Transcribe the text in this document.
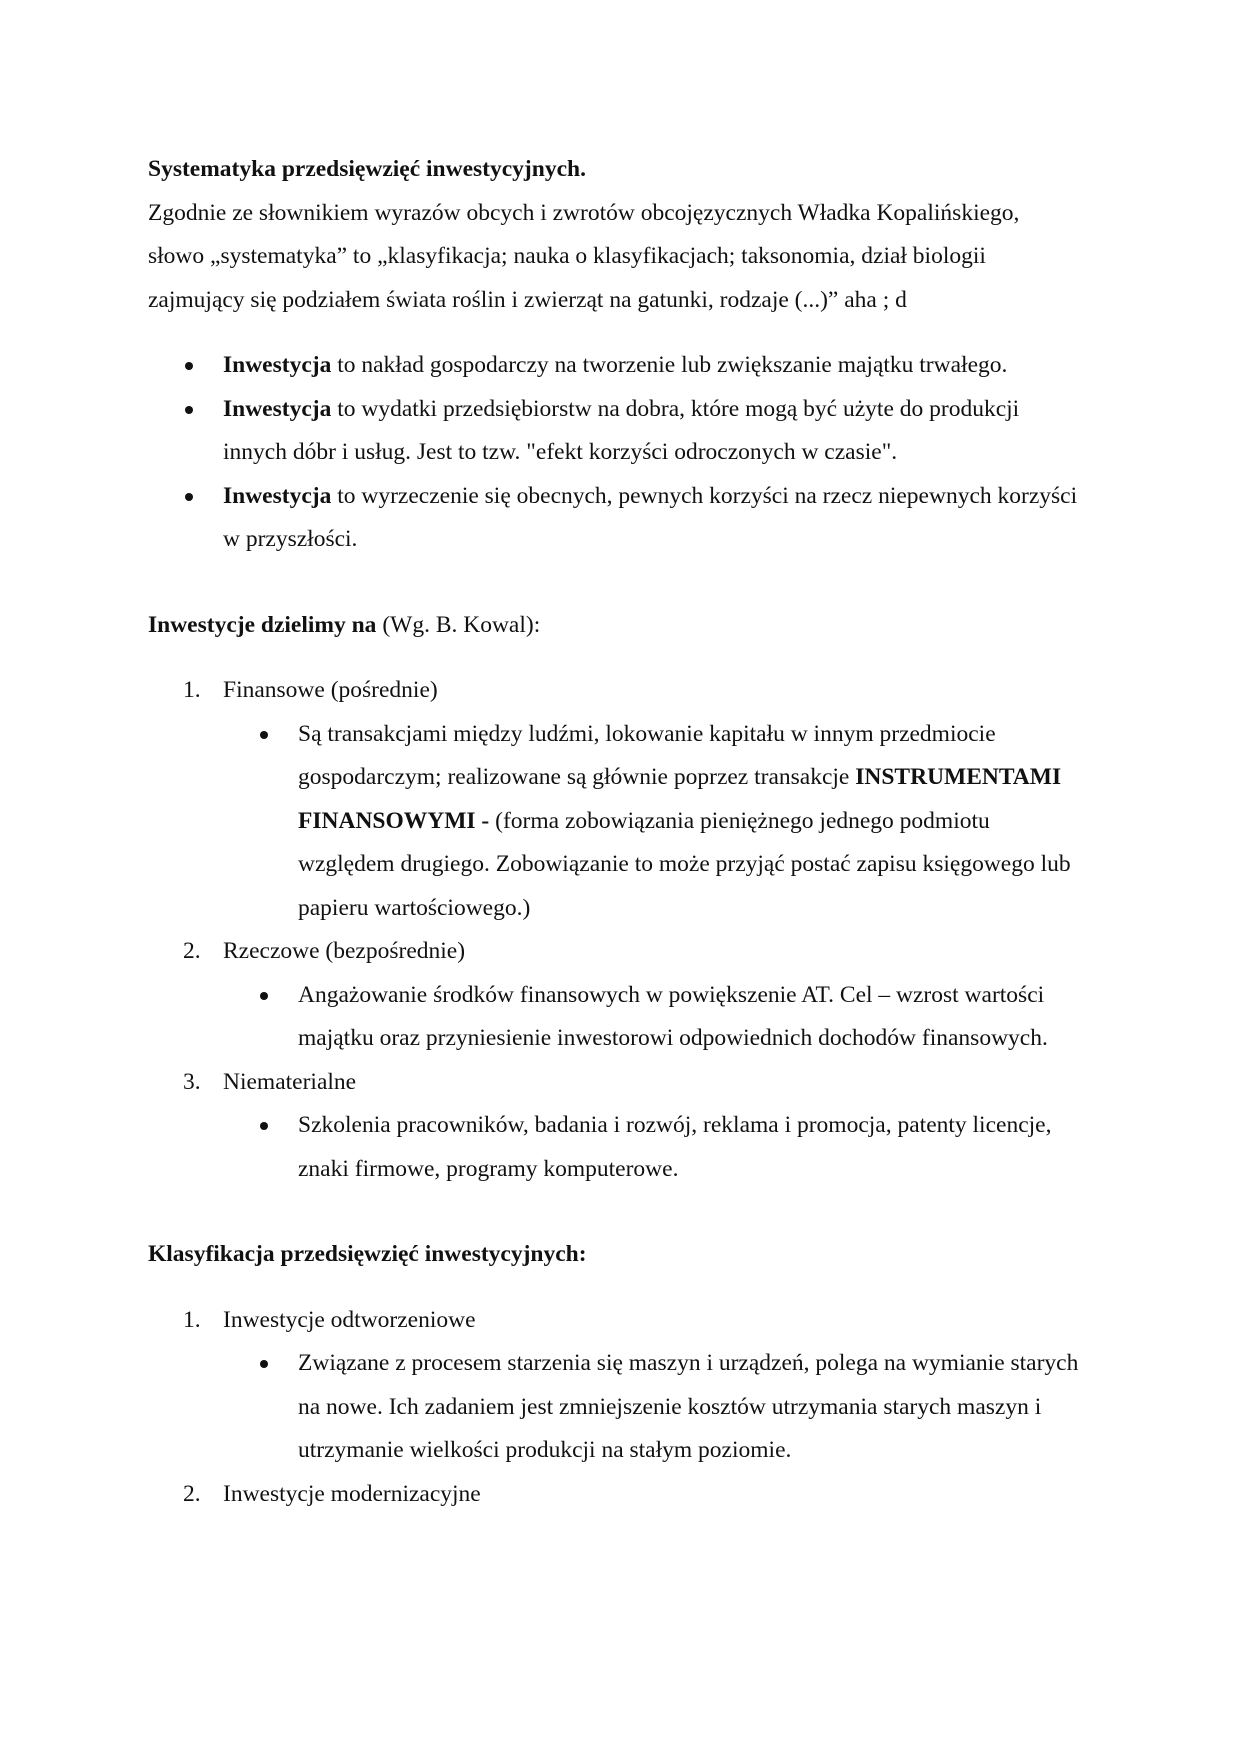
Systematyka przedsięwzięć inwestycyjnych.

Zgodnie ze słownikiem wyrazów obcych i zwrotów obcojęzycznych Władka Kopalińskiego, słowo „systematyka” to „klasyfikacja; nauka o klasyfikacjach; taksonomia, dział biologii zajmujący się podziałem świata roślin i zwierząt na gatunki, rodzaje (...)” aha ; d

Inwestycja to nakład gospodarczy na tworzenie lub zwiększanie majątku trwałego.
Inwestycja to wydatki przedsiębiorstw na dobra, które mogą być użyte do produkcji innych dóbr i usług. Jest to tzw. "efekt korzyści odroczonych w czasie".
Inwestycja to wyrzeczenie się obecnych, pewnych korzyści na rzecz niepewnych korzyści w przyszłości.

Inwestycje dzielimy na (Wg. B. Kowal):

1. Finansowe (pośrednie)
Są transakcjami między ludźmi, lokowanie kapitału w innym przedmiocie gospodarczym; realizowane są głównie poprzez transakcje INSTRUMENTAMI FINANSOWYMI - (forma zobowiązania pieniężnego jednego podmiotu względem drugiego. Zobowiązanie to może przyjąć postać zapisu księgowego lub papieru wartościowego.)
2. Rzeczowe (bezpośrednie)
Angażowanie środków finansowych w powiększenie AT. Cel – wzrost wartości majątku oraz przyniesienie inwestorowi odpowiednich dochodów finansowych.
3. Niematerialne
Szkolenia pracowników, badania i rozwój, reklama i promocja, patenty licencje, znaki firmowe, programy komputerowe.

Klasyfikacja przedsięwzięć inwestycyjnych:

1. Inwestycje odtworzeniowe
Związane z procesem starzenia się maszyn i urządzeń, polega na wymianie starych na nowe. Ich zadaniem jest zmniejszenie kosztów utrzymania starych maszyn i utrzymanie wielkości produkcji na stałym poziomie.
2. Inwestycje modernizacyjne
